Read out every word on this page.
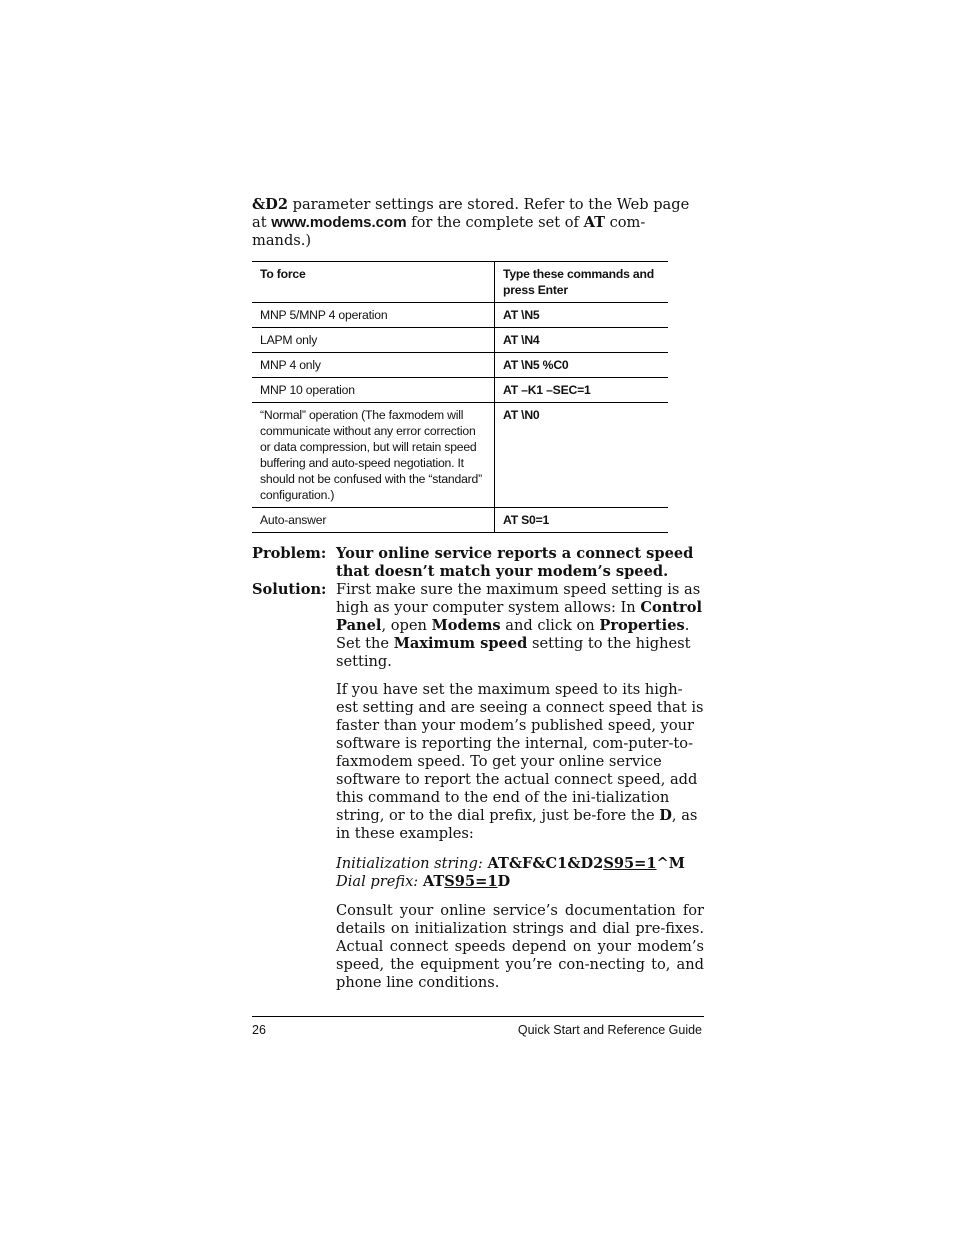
&D2 parameter settings are stored. Refer to the Web page at www.modems.com for the complete set of AT com-mands.)
To force	Type these commands and press Enter
MNP 5/MNP 4 operation	AT \N5
LAPM only	AT \N4
MNP 4 only	AT \N5 %C0
MNP 10 operation	AT –K1 –SEC=1
“Normal” operation (The faxmodem will communicate without any error correction or data compression, but will retain speed buffering and auto-speed negotiation. It should not be confused with the “standard” configuration.)	AT \N0
Auto-answer	AT S0=1
Problem: Your online service reports a connect speed that doesn’t match your modem’s speed.
Solution: First make sure the maximum speed setting is as high as your computer system allows: In Control Panel, open Modems and click on Properties. Set the Maximum speed setting to the highest setting.
If you have set the maximum speed to its high-est setting and are seeing a connect speed that is faster than your modem’s published speed, your software is reporting the internal, com-puter-to-faxmodem speed. To get your online service software to report the actual connect speed, add this command to the end of the ini-tialization string, or to the dial prefix, just be-fore the D, as in these examples:
Initialization string: AT&F&C1&D2S95=1^M
Dial prefix: ATS95=1D
Consult your online service’s documentation for details on initialization strings and dial pre-fixes. Actual connect speeds depend on your modem’s speed, the equipment you’re con-necting to, and phone line conditions.
26	Quick Start and Reference Guide
